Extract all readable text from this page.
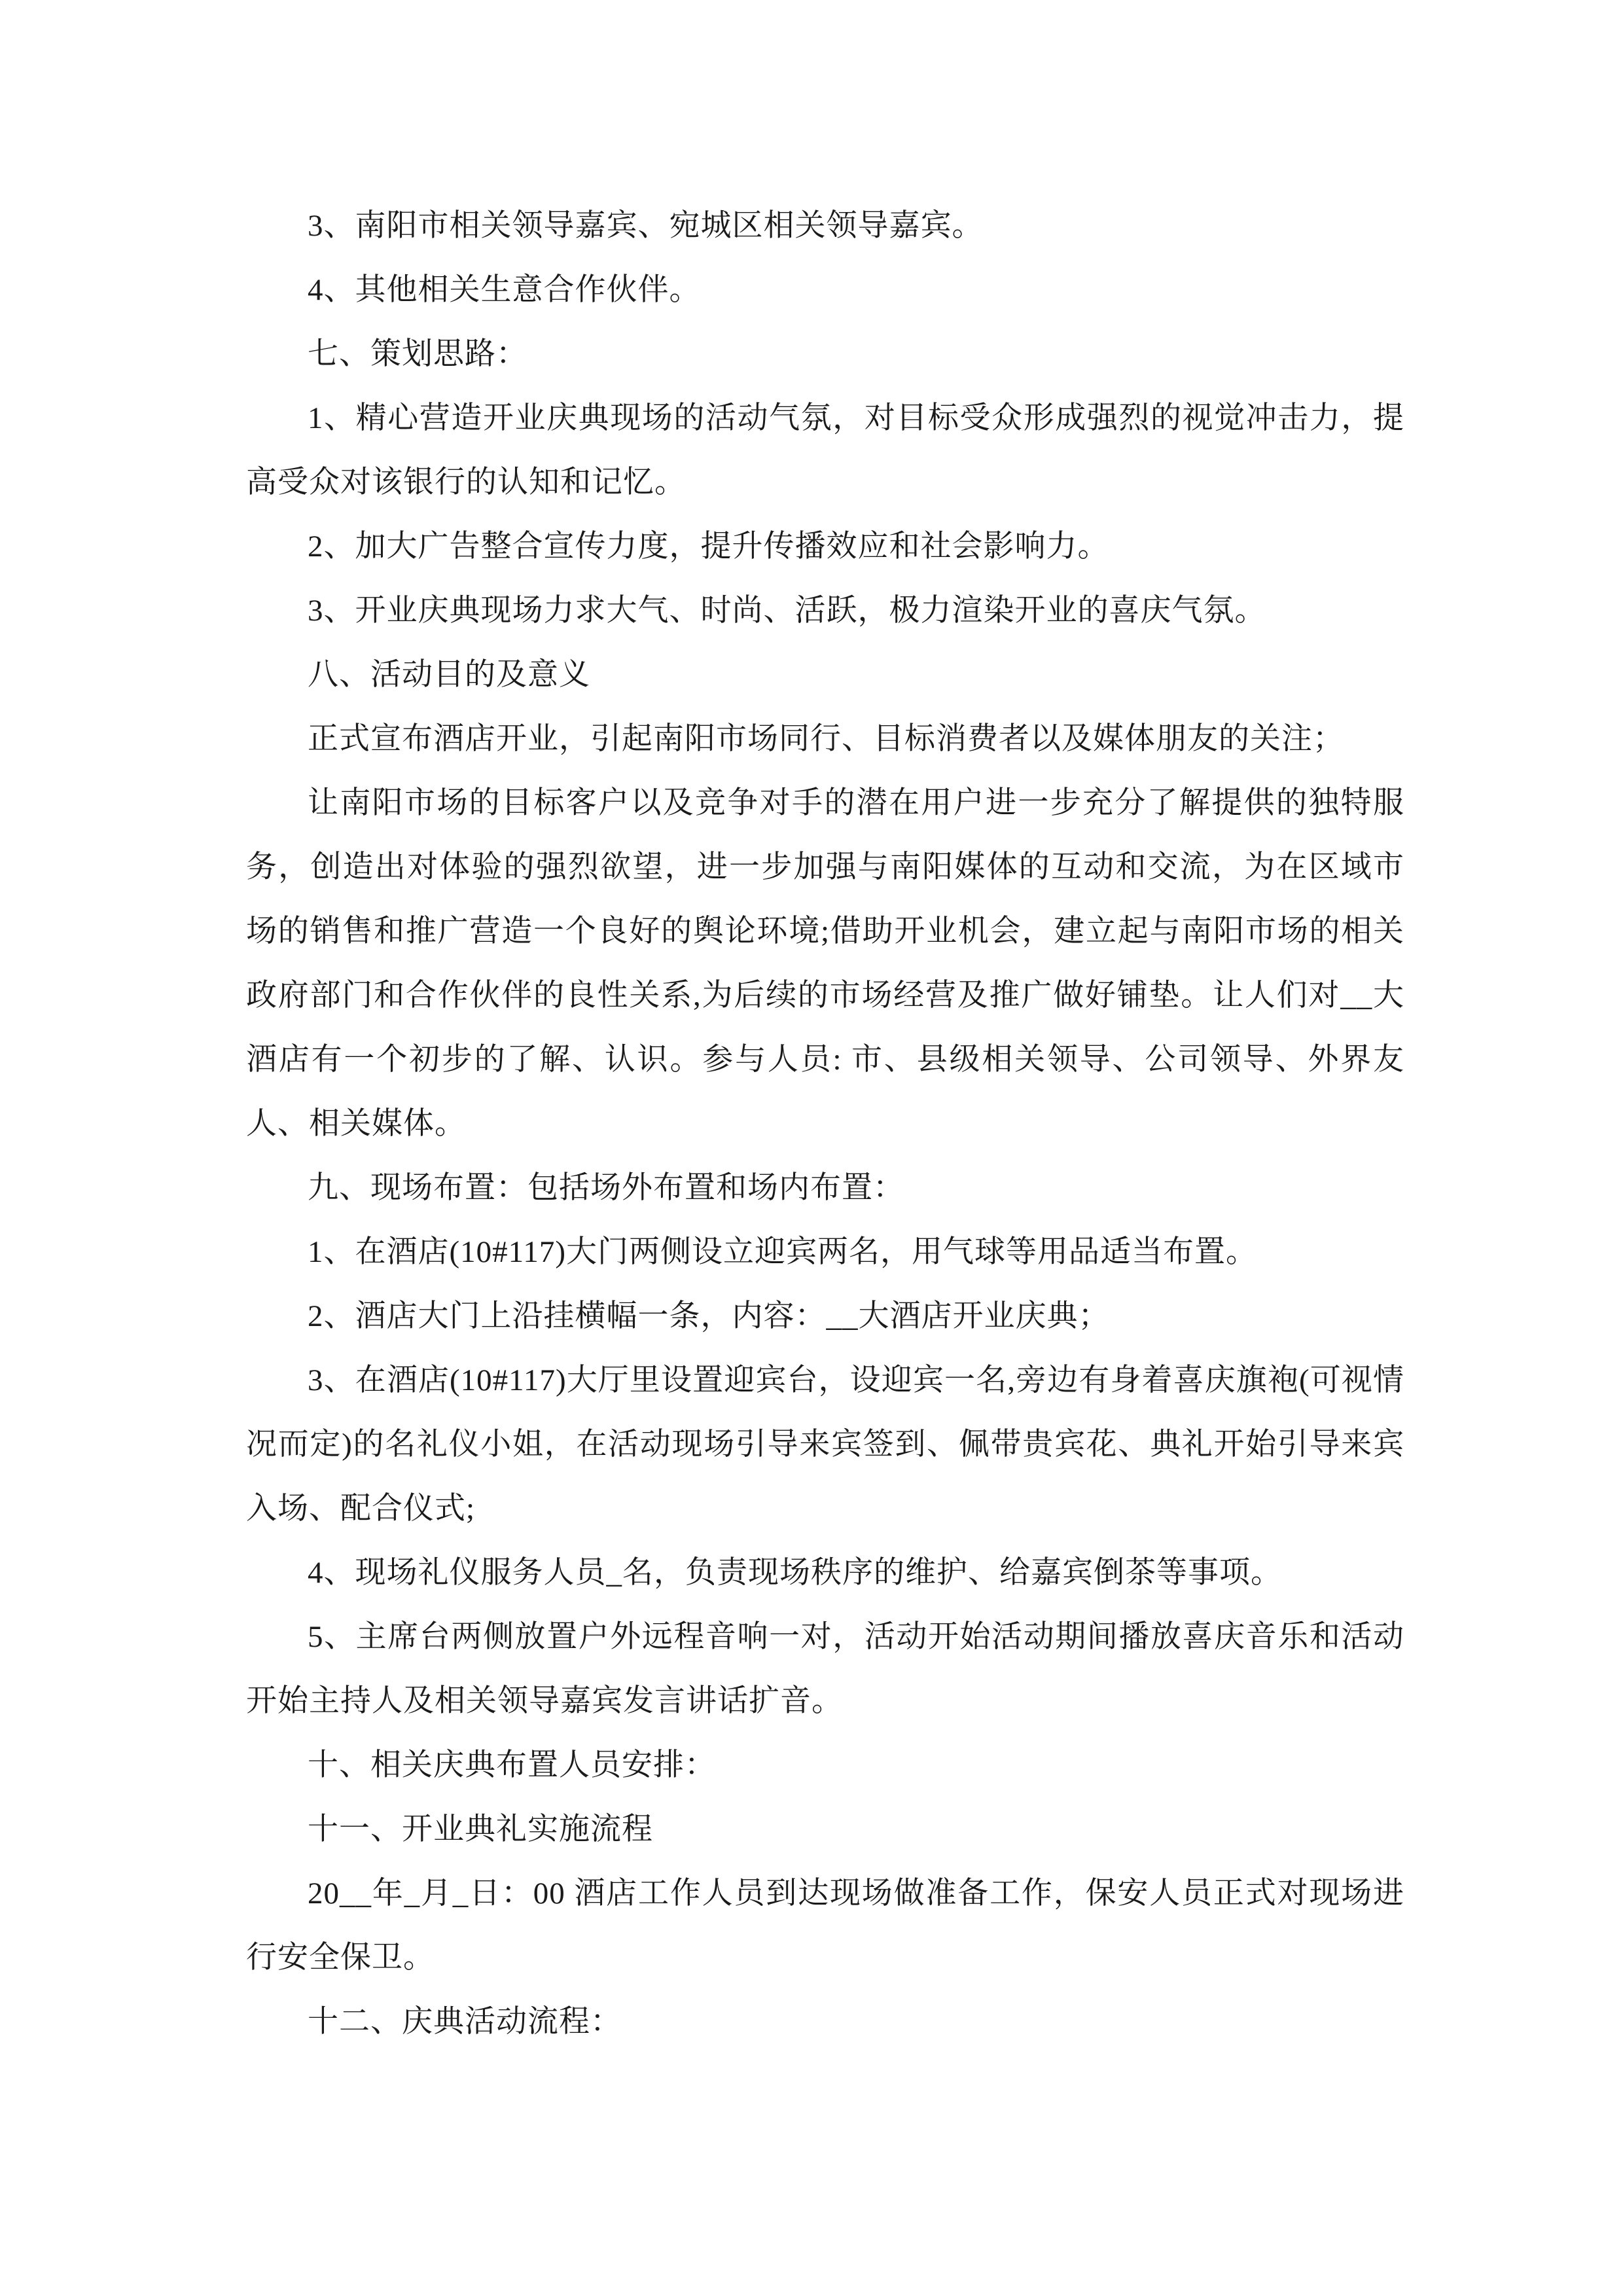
3、南阳市相关领导嘉宾、宛城区相关领导嘉宾。

4、其他相关生意合作伙伴。

七、策划思路：

1、精心营造开业庆典现场的活动气氛，对目标受众形成强烈的视觉冲击力，提高受众对该银行的认知和记忆。

2、加大广告整合宣传力度，提升传播效应和社会影响力。

3、开业庆典现场力求大气、时尚、活跃，极力渲染开业的喜庆气氛。

八、活动目的及意义

正式宣布酒店开业，引起南阳市场同行、目标消费者以及媒体朋友的关注；

让南阳市场的目标客户以及竞争对手的潜在用户进一步充分了解提供的独特服务，创造出对体验的强烈欲望，进一步加强与南阳媒体的互动和交流，为在区域市场的销售和推广营造一个良好的舆论环境;借助开业机会，建立起与南阳市场的相关政府部门和合作伙伴的良性关系,为后续的市场经营及推广做好铺垫。让人们对__大酒店有一个初步的了解、认识。参与人员: 市、县级相关领导、公司领导、外界友人、相关媒体。

九、现场布置：包括场外布置和场内布置：

1、在酒店(10#117)大门两侧设立迎宾两名，用气球等用品适当布置。

2、酒店大门上沿挂横幅一条，内容：__大酒店开业庆典；

3、在酒店(10#117)大厅里设置迎宾台，设迎宾一名,旁边有身着喜庆旗袍(可视情况而定)的名礼仪小姐，在活动现场引导来宾签到、佩带贵宾花、典礼开始引导来宾入场、配合仪式;

4、现场礼仪服务人员_名，负责现场秩序的维护、给嘉宾倒茶等事项。

5、主席台两侧放置户外远程音响一对，活动开始活动期间播放喜庆音乐和活动开始主持人及相关领导嘉宾发言讲话扩音。

十、相关庆典布置人员安排：

十一、开业典礼实施流程

20__年_月_日：00 酒店工作人员到达现场做准备工作，保安人员正式对现场进行安全保卫。

十二、庆典活动流程：
